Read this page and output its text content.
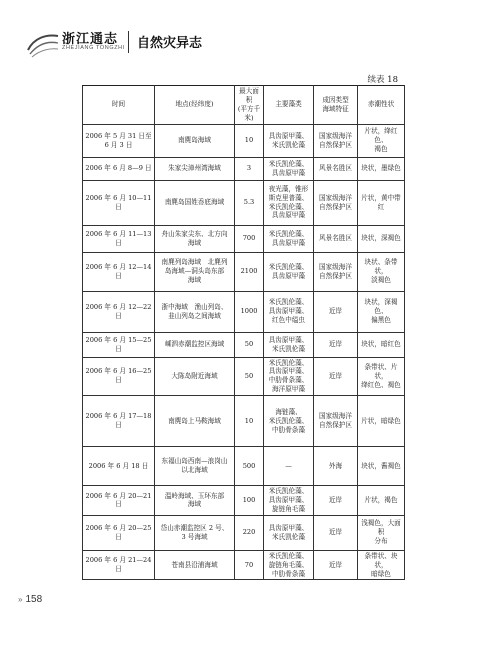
浙江通志
ZHEJIANG TONGZHI 自然灾异志
续表 18
时间	地点(经纬度)	最大面积
(平方千米)	主要藻类	成因类型
海域特征	赤潮性状
2006 年 5 月 31 日至
6 月 3 日	南麂岛海域	10	具齿原甲藻、
米氏凯伦藻	国家级海洋
自然保护区	片状，绛红色、
褐色
2006 年 6 月 8—9 日	朱家尖漳州湾海域	3	米氏凯伦藻、
具齿原甲藻	风景名胜区	块状，墨绿色
2006 年 6 月 10—11 日	南麂岛国姓岙底海域	5.3	夜光藻，锥形
斯克里普藻、
米氏凯伦藻、
具齿原甲藻	国家级海洋
自然保护区	片状，黄中带红
2006 年 6 月 11—13 日	舟山朱家尖东、北方向
海域	700	米氏凯伦藻、
具齿原甲藻	风景名胜区	块状，深褐色
2006 年 6 月 12—14 日	南麂列岛海域　北麂列
岛海域—洞头岛东部
海域	2100	米氏凯伦藻、
具齿原甲藻	国家级海洋
自然保护区	块状、条带状，
淡褐色
2006 年 6 月 12—22 日	浙中海域　渔山列岛、
韭山列岛之间海域	1000	米氏凯伦藻、
具齿原甲藻、
红色中缢虫	近岸	块状，深褐色、
偏黑色
2006 年 6 月 15—25 日	嵊泗赤潮监控区海域	50	具齿原甲藻、
米氏凯伦藻	近岸	块状，暗红色
2006 年 6 月 16—25 日	大陈岛附近海域	50	米氏凯伦藻、
具齿原甲藻、
中肋骨条藻、
海洋原甲藻	近岸	条带状、片状，
绛红色、褐色
2006 年 6 月 17—18 日	南麂岛上马鞍海域	10	海链藻、
米氏凯伦藻、
中肋骨条藻	国家级海洋
自然保护区	片状，暗绿色
2006 年 6 月 18 日	东福山岛西南—浪岗山
以北海域	500	—	外海	块状，酱褐色
2006 年 6 月 20—21 日	温岭海域、玉环东部
海域	100	米氏凯伦藻、
具齿原甲藻、
旋链角毛藻	近岸	片状，褐色
2006 年 6 月 20—25 日	岱山赤潮监控区 2 号、
3 号海域	220	具齿原甲藻、
米氏凯伦藻	近岸	浅褐色，大面积
分布
2006 年 6 月 21—24 日	苍南县沿浦海域	70	米氏凯伦藻、
旋链角毛藻、
中肋骨条藻	近岸	条带状、块状，
暗绿色
» 158
